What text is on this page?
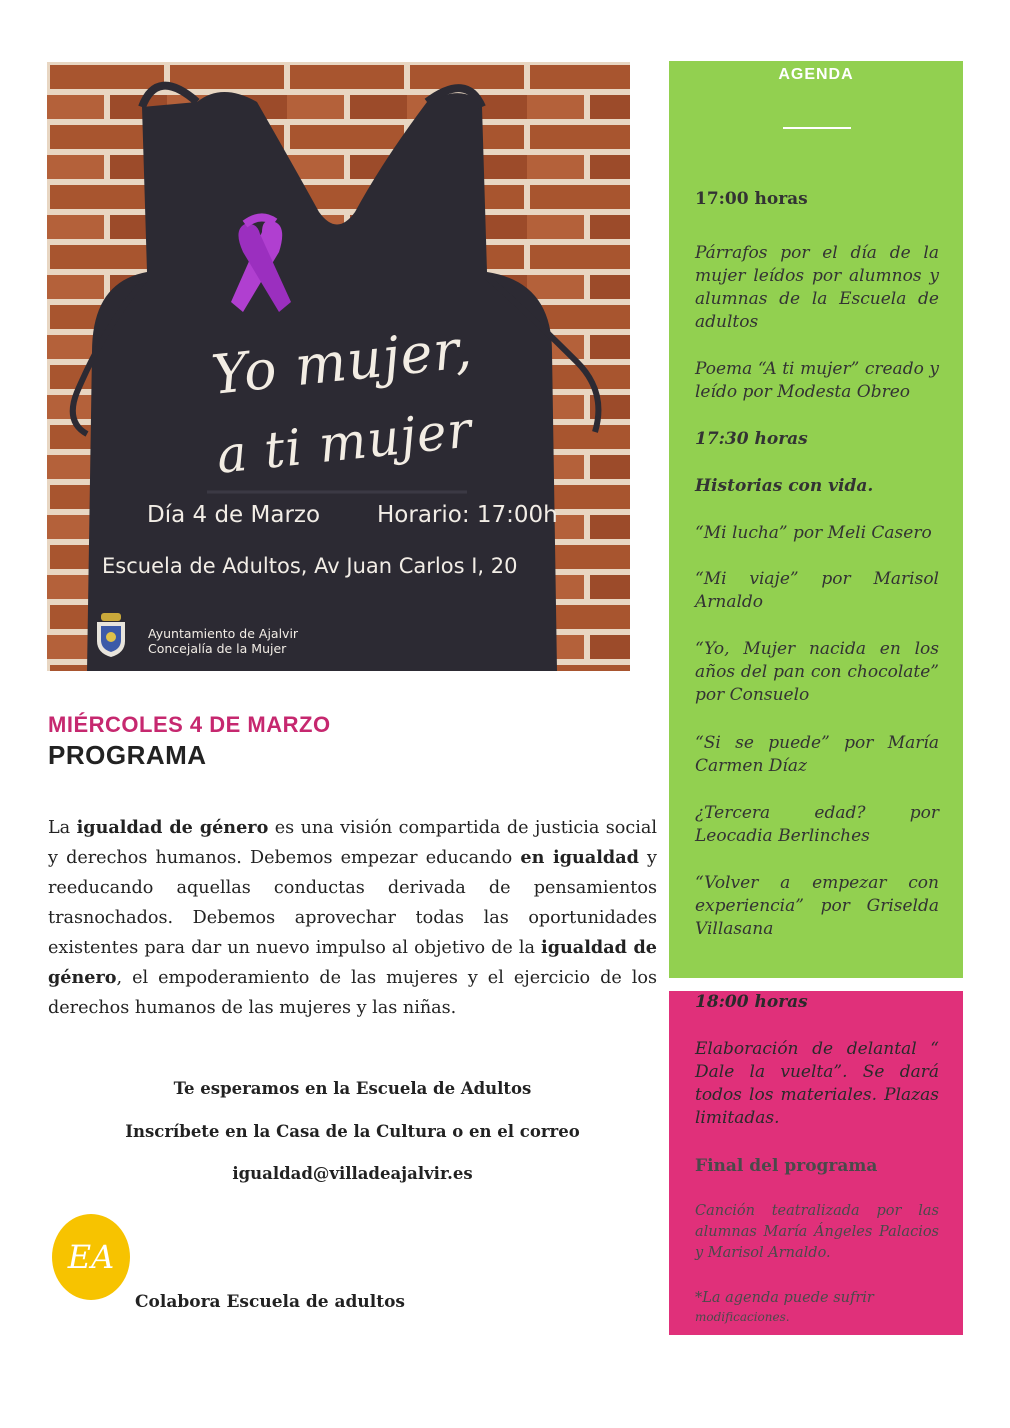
Yo mujer,
a ti mujer
Día 4 de Marzo Horario: 17:00h
Escuela de Adultos, Av Juan Carlos I, 20
Ayuntamiento de Ajalvir
Concejalía de la Mujer
MIÉRCOLES 4 DE MARZO
PROGRAMA

La igualdad de género es una visión compartida de justicia social y derechos humanos. Debemos empezar educando en igualdad y reeducando aquellas conductas derivada de pensamientos trasnochados. Debemos aprovechar todas las oportunidades existentes para dar un nuevo impulso al objetivo de la igualdad de género, el empoderamiento de las mujeres y el ejercicio de los derechos humanos de las mujeres y las niñas.

Te esperamos en la Escuela de Adultos

Inscríbete en la Casa de la Cultura o en el correo

igualdad@villadeajalvir.es

EA

Colabora Escuela de adultos

AGENDA

17:00 horas

Párrafos por el día de la mujer leídos por alumnos y alumnas de la Escuela de adultos

Poema “A ti mujer” creado y leído por Modesta Obreo

17:30 horas

Historias con vida.

“Mi lucha” por Meli Casero

“Mi viaje” por Marisol Arnaldo

“Yo, Mujer nacida en los años del pan con chocolate” por Consuelo

“Si se puede” por María Carmen Díaz

¿Tercera edad? por Leocadia Berlinches

“Volver a empezar con experiencia” por Griselda Villasana

18:00 horas

Elaboración de delantal “ Dale la vuelta”. Se dará todos los materiales. Plazas limitadas.

Final del programa

Canción teatralizada por las alumnas María Ángeles Palacios y Marisol Arnaldo.

*La agenda puede sufrir
modificaciones.
